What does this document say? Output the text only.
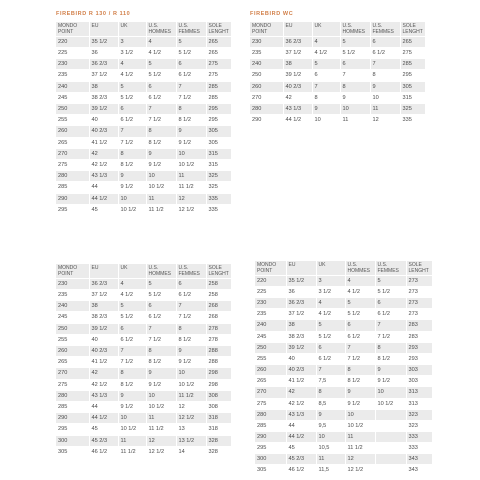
FIREBIRD R 130 / R 110	FIREBIRD WC
MONDO POINT	EU	UK	U.S. HOMMES	U.S. FEMMES	SOLE LENGHT
220	35 1/2	3	4	5	265
225	36	3 1/2	4 1/2	5 1/2	265
230	36 2/3	4	5	6	275
235	37 1/2	4 1/2	5 1/2	6 1/2	275
240	38	5	6	7	285
245	38 2/3	5 1/2	6 1/2	7 1/2	285
250	39 1/2	6	7	8	295
255	40	6 1/2	7 1/2	8 1/2	295
260	40 2/3	7	8	9	305
265	41 1/2	7 1/2	8 1/2	9 1/2	305
270	42	8	9	10	315
275	42 1/2	8 1/2	9 1/2	10 1/2	315
280	43 1/3	9	10	11	325
285	44	9 1/2	10 1/2	11 1/2	325
290	44 1/2	10	11	12	335
295	45	10 1/2	11 1/2	12 1/2	335
MONDO POINT	EU	UK	U.S. HOMMES	U.S. FEMMES	SOLE LENGHT
230	36 2/3	4	5	6	265
235	37 1/2	4 1/2	5 1/2	6 1/2	275
240	38	5	6	7	285
250	39 1/2	6	7	8	295
260	40 2/3	7	8	9	305
270	42	8	9	10	315
280	43 1/3	9	10	11	325
290	44 1/2	10	11	12	335
MONDO POINT	EU	UK	U.S. HOMMES	U.S. FEMMES	SOLE LENGHT
230	36 2/3	4	5	6	258
235	37 1/2	4 1/2	5 1/2	6 1/2	258
240	38	5	6	7	268
245	38 2/3	5 1/2	6 1/2	7 1/2	268
250	39 1/2	6	7	8	278
255	40	6 1/2	7 1/2	8 1/2	278
260	40 2/3	7	8	9	288
265	41 1/2	7 1/2	8 1/2	9 1/2	288
270	42	8	9	10	298
275	42 1/2	8 1/2	9 1/2	10 1/2	298
280	43 1/3	9	10	11 1/2	308
285	44	9 1/2	10 1/2	12	308
290	44 1/2	10	11	12 1/2	318
295	45	10 1/2	11 1/2	13	318
300	45 2/3	11	12	13 1/2	328
305	46 1/2	11 1/2	12 1/2	14	328
MONDO POINT	EU	UK	U.S. HOMMES	U.S. FEMMES	SOLE LENGHT
220	35 1/2	3	4	5	273
225	36	3 1/2	4 1/2	5 1/2	273
230	36 2/3	4	5	6	273
235	37 1/2	4 1/2	5 1/2	6 1/2	273
240	38	5	6	7	283
245	38 2/3	5 1/2	6 1/2	7 1/2	283
250	39 1/2	6	7	8	293
255	40	6 1/2	7 1/2	8 1/2	293
260	40 2/3	7	8	9	303
265	41 1/2	7,5	8 1/2	9 1/2	303
270	42	8	9	10	313
275	42 1/2	8,5	9 1/2	10 1/2	313
280	43 1/3	9	10		323
285	44	9,5	10 1/2		323
290	44 1/2	10	11		333
295	45	10,5	11 1/2		333
300	45 2/3	11	12		343
305	46 1/2	11,5	12 1/2		343
